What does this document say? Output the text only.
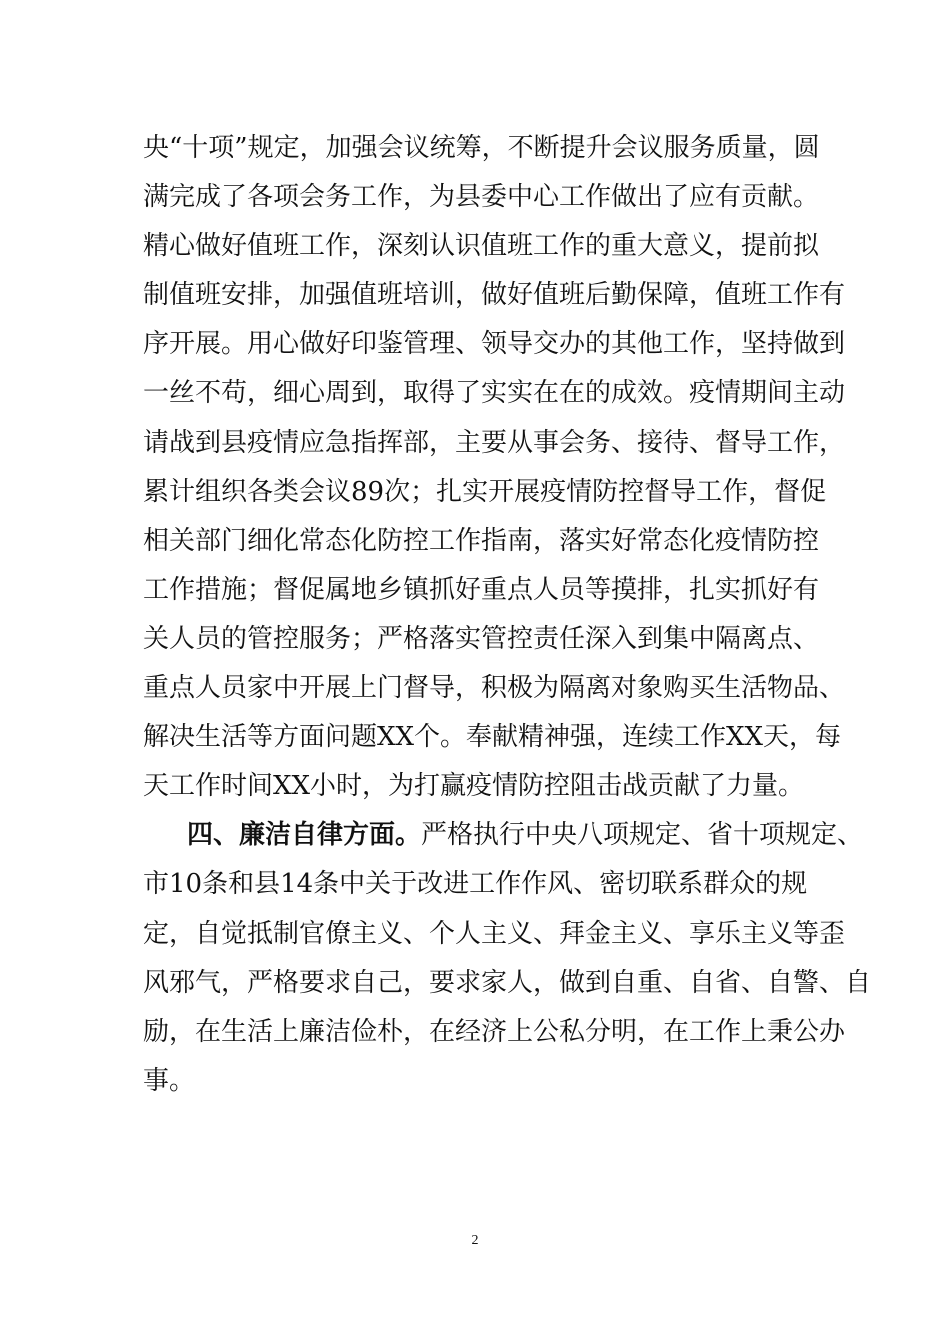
央“十项”规定，加强会议统筹，不断提升会议服务质量，圆
满完成了各项会务工作，为县委中心工作做出了应有贡献。
精心做好值班工作，深刻认识值班工作的重大意义，提前拟
制值班安排，加强值班培训，做好值班后勤保障，值班工作有
序开展。用心做好印鉴管理、领导交办的其他工作，坚持做到
一丝不苟，细心周到，取得了实实在在的成效。疫情期间主动
请战到县疫情应急指挥部，主要从事会务、接待、督导工作，
累计组织各类会议89次；扎实开展疫情防控督导工作，督促
相关部门细化常态化防控工作指南，落实好常态化疫情防控
工作措施；督促属地乡镇抓好重点人员等摸排，扎实抓好有
关人员的管控服务；严格落实管控责任深入到集中隔离点、
重点人员家中开展上门督导，积极为隔离对象购买生活物品、
解决生活等方面问题XX个。奉献精神强，连续工作XX天，每
天工作时间XX小时，为打赢疫情防控阻击战贡献了力量。
四、廉洁自律方面。严格执行中央八项规定、省十项规定、
市10条和县14条中关于改进工作作风、密切联系群众的规
定，自觉抵制官僚主义、个人主义、拜金主义、享乐主义等歪
风邪气，严格要求自己，要求家人，做到自重、自省、自警、自
励，在生活上廉洁俭朴，在经济上公私分明，在工作上秉公办
事。
2
